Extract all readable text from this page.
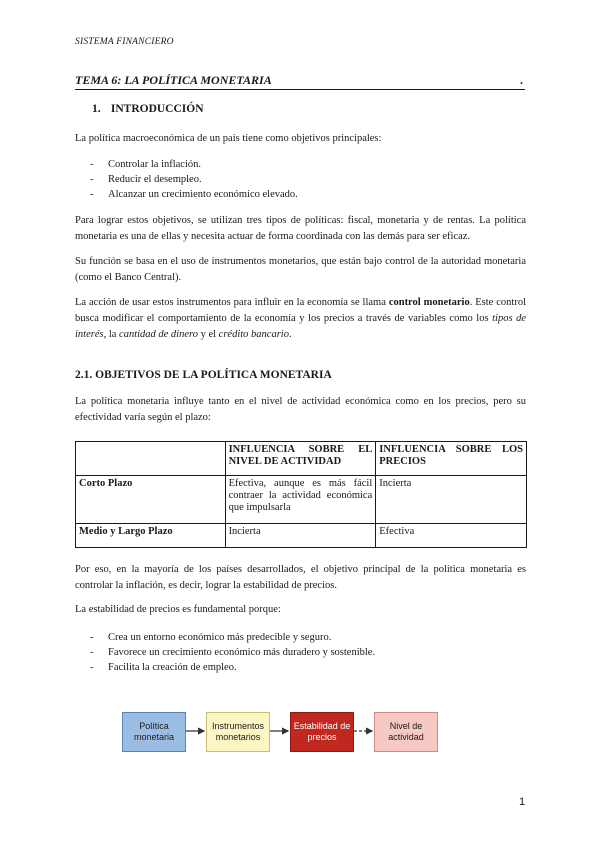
SISTEMA FINANCIERO
TEMA 6: LA POLÍTICA MONETARIA	.
1. INTRODUCCIÓN
La política macroeconómica de un país tiene como objetivos principales:
- Controlar la inflación.
- Reducir el desempleo.
- Alcanzar un crecimiento económico elevado.
Para lograr estos objetivos, se utilizan tres tipos de políticas: fiscal, monetaria y de rentas. La política monetaria es una de ellas y necesita actuar de forma coordinada con las demás para ser eficaz.
Su función se basa en el uso de instrumentos monetarios, que están bajo control de la autoridad monetaria (como el Banco Central).
La acción de usar estos instrumentos para influir en la economía se llama control monetario. Este control busca modificar el comportamiento de la economía y los precios a través de variables como los tipos de interés, la cantidad de dinero y el crédito bancario.
2.1. OBJETIVOS DE LA POLÍTICA MONETARIA
La política monetaria influye tanto en el nivel de actividad económica como en los precios, pero su efectividad varía según el plazo:
	INFLUENCIA SOBRE EL NIVEL DE ACTIVIDAD	INFLUENCIA SOBRE LOS PRECIOS
Corto Plazo	Efectiva, aunque es más fácil contraer la actividad económica que impulsarla	Incierta
Medio y Largo Plazo	Incierta	Efectiva
Por eso, en la mayoría de los países desarrollados, el objetivo principal de la política monetaria es controlar la inflación, es decir, lograr la estabilidad de precios.
La estabilidad de precios es fundamental porque:
- Crea un entorno económico más predecible y seguro.
- Favorece un crecimiento económico más duradero y sostenible.
- Facilita la creación de empleo.
Política monetaria
Instrumentos monetarios
Estabilidad de precios
Nivel de actividad
1
